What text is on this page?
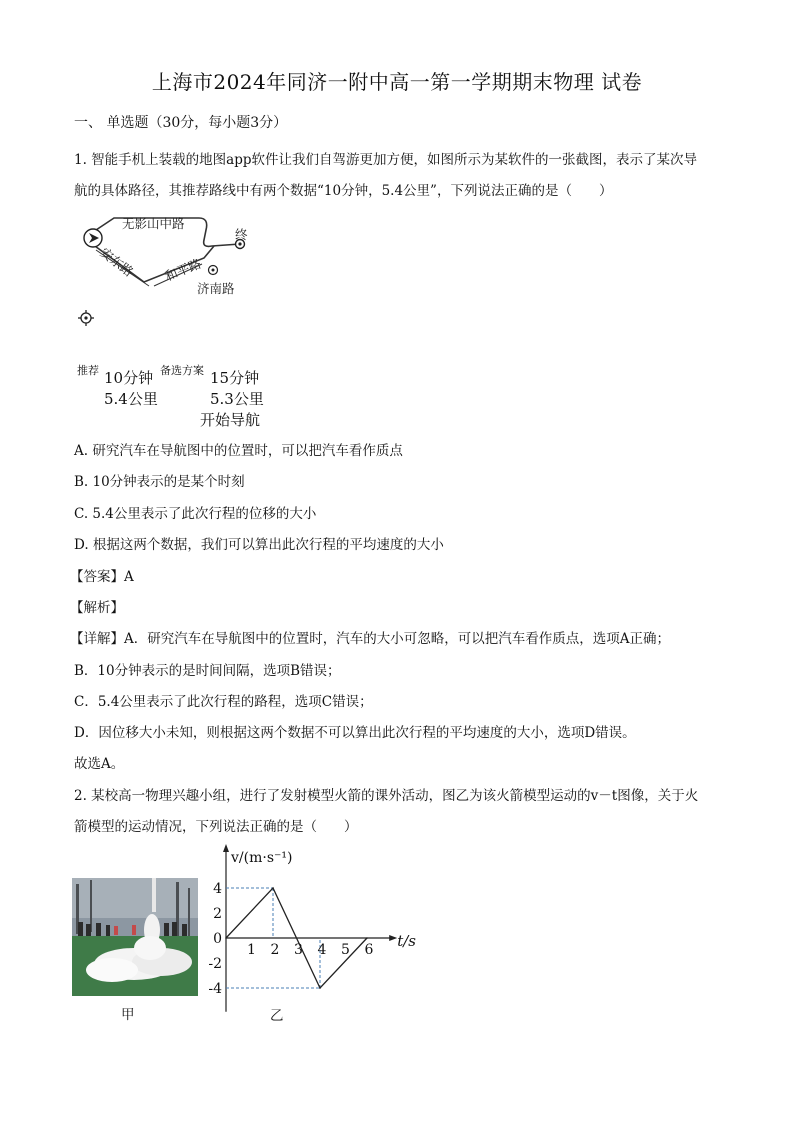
上海市2024年同济一附中高一第一学期期末物理 试卷
一、 单选题（30分，每小题3分）
1. 智能手机上装载的地图app软件让我们自驾游更加方便，如图所示为某软件的一张截图，表示了某次导
航的具体路径，其推荐路线中有两个数据“10分钟，5.4公里”，下列说法正确的是（　　）
无影山中路
安东路 和平路
济南路
终
推荐 10分钟
5.4公里
备选方案 15分钟
5.3公里
开始导航
A. 研究汽车在导航图中的位置时，可以把汽车看作质点
B. 10分钟表示的是某个时刻
C. 5.4公里表示了此次行程的位移的大小
D. 根据这两个数据，我们可以算出此次行程的平均速度的大小
【答案】A
【解析】
【详解】A．研究汽车在导航图中的位置时，汽车的大小可忽略，可以把汽车看作质点，选项A正确；
B．10分钟表示的是时间间隔，选项B错误；
C．5.4公里表示了此次行程的路程，选项C错误；
D．因位移大小未知，则根据这两个数据不可以算出此次行程的平均速度的大小，选项D错误。
故选A。
2. 某校高一物理兴趣小组，进行了发射模型火箭的课外活动，图乙为该火箭模型运动的v－t图像，关于火
箭模型的运动情况，下列说法正确的是（　　）
甲
1 2 3 4 5 6
4
2
0
-2
-4
v/(m·s⁻¹)
t/s
乙
